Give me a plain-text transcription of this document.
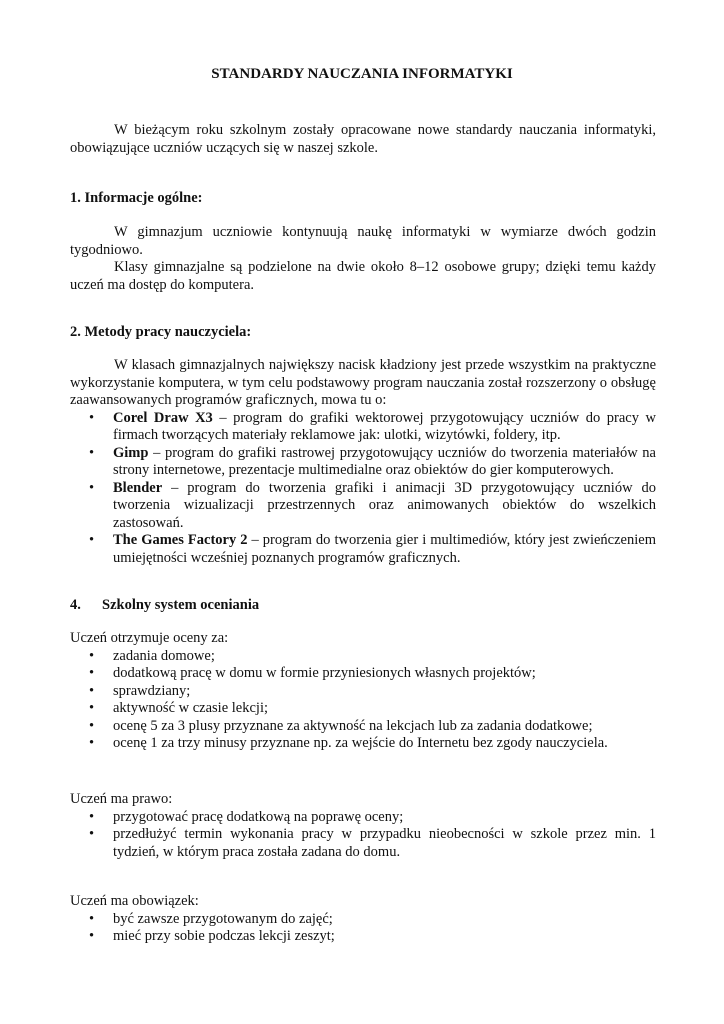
STANDARDY NAUCZANIA INFORMATYKI

W bieżącym roku szkolnym zostały opracowane nowe standardy nauczania informatyki, obowiązujące uczniów uczących się w naszej szkole.

1. Informacje ogólne:

W gimnazjum uczniowie kontynuują naukę informatyki w wymiarze dwóch godzin tygodniowo.

Klasy gimnazjalne są podzielone na dwie około 8–12 osobowe grupy; dzięki temu każdy uczeń ma dostęp do komputera.

2. Metody pracy nauczyciela:

W klasach gimnazjalnych największy nacisk kładziony jest przede wszystkim na praktyczne wykorzystanie komputera, w tym celu podstawowy program nauczania został rozszerzony o obsługę zaawansowanych programów graficznych, mowa tu o:

• Corel Draw X3 – program do grafiki wektorowej przygotowujący uczniów do pracy w firmach tworzących materiały reklamowe jak: ulotki, wizytówki, foldery, itp.
• Gimp – program do grafiki rastrowej przygotowujący uczniów do tworzenia materiałów na strony internetowe, prezentacje multimedialne oraz obiektów do gier komputerowych.
• Blender – program do tworzenia grafiki i animacji 3D przygotowujący uczniów do tworzenia wizualizacji przestrzennych oraz animowanych obiektów do wszelkich zastosowań.
• The Games Factory 2 – program do tworzenia gier i multimediów, który jest zwieńczeniem umiejętności wcześniej poznanych programów graficznych.
4. Szkolny system oceniania

Uczeń otrzymuje oceny za:

• zadania domowe;
• dodatkową pracę w domu w formie przyniesionych własnych projektów;
• sprawdziany;
• aktywność w czasie lekcji;
• ocenę 5 za 3 plusy przyznane za aktywność na lekcjach lub za zadania dodatkowe;
• ocenę 1 za trzy minusy przyznane np. za wejście do Internetu bez zgody nauczyciela.

Uczeń ma prawo:

• przygotować pracę dodatkową na poprawę oceny;
• przedłużyć termin wykonania pracy w przypadku nieobecności w szkole przez min. 1 tydzień, w którym praca została zadana do domu.

Uczeń ma obowiązek:

• być zawsze przygotowanym do zajęć;
• mieć przy sobie podczas lekcji zeszyt;
